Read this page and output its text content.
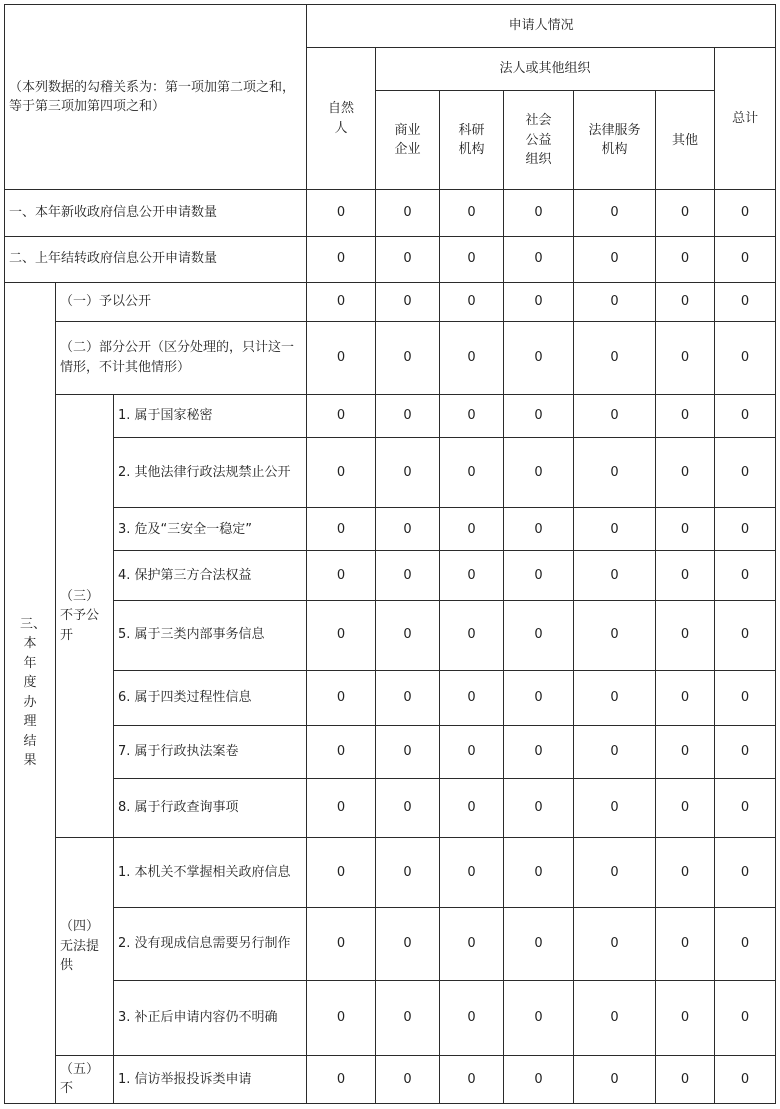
（本列数据的勾稽关系为：第一项加第二项之和，等于第三项加第四项之和）			申请人情况						
			自然人	法人或其他组织					总计
				商业企业	科研机构	社会公益组织	法律服务机构	其他	
一、本年新收政府信息公开申请数量			0	0	0	0	0	0	0
二、上年结转政府信息公开申请数量			0	0	0	0	0	0	0

三、本年度办理结果	（一）予以公开		0	0	0	0	0	0	0
	（二）部分公开（区分处理的，只计这一情形，不计其他情形）		0	0	0	0	0	0	0
	（三）不予公开	1. 属于国家秘密	0	0	0	0	0	0	0
		2. 其他法律行政法规禁止公开	0	0	0	0	0	0	0
		3. 危及“三安全一稳定”	0	0	0	0	0	0	0
		4. 保护第三方合法权益	0	0	0	0	0	0	0
		5. 属于三类内部事务信息	0	0	0	0	0	0	0
		6. 属于四类过程性信息	0	0	0	0	0	0	0
		7. 属于行政执法案卷	0	0	0	0	0	0	0
		8. 属于行政查询事项	0	0	0	0	0	0	0
	（四）无法提供	1. 本机关不掌握相关政府信息	0	0	0	0	0	0	0
		2. 没有现成信息需要另行制作	0	0	0	0	0	0	0
		3. 补正后申请内容仍不明确	0	0	0	0	0	0	0
	（五）不	1. 信访举报投诉类申请	0	0	0	0	0	0	0
